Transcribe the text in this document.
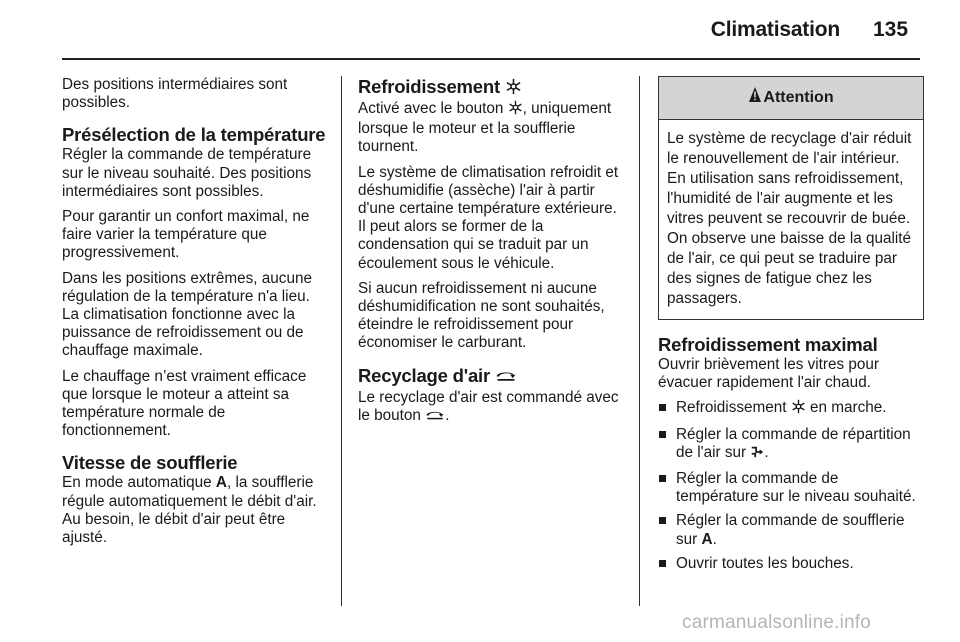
Climatisation 135

Des positions intermédiaires sont possibles.

Présélection de la température

Régler la commande de température sur le niveau souhaité. Des positions intermédiaires sont possibles.

Pour garantir un confort maximal, ne faire varier la température que progressivement.

Dans les positions extrêmes, aucune régulation de la température n'a lieu. La climatisation fonctionne avec la puissance de refroidissement ou de chauffage maximale.

Le chauffage n’est vraiment efficace que lorsque le moteur a atteint sa température normale de fonctionnement.

Vitesse de soufflerie

En mode automatique A, la soufflerie régule automatiquement le débit d'air. Au besoin, le débit d'air peut être ajusté.

Refroidissement

Activé avec le bouton , uniquement lorsque le moteur et la soufflerie tournent.

Le système de climatisation refroidit et déshumidifie (assèche) l'air à partir d'une certaine température extérieure. Il peut alors se former de la condensation qui se traduit par un écoulement sous le véhicule.

Si aucun refroidissement ni aucune déshumidification ne sont souhaités, éteindre le refroidissement pour économiser le carburant.

Recyclage d'air

Le recyclage d'air est commandé avec le bouton .

Attention
Le système de recyclage d'air réduit le renouvellement de l'air intérieur. En utilisation sans refroidissement, l'humidité de l'air augmente et les vitres peuvent se recouvrir de buée. On observe une baisse de la qualité de l'air, ce qui peut se traduire par des signes de fatigue chez les passagers.
Refroidissement maximal

Ouvrir brièvement les vitres pour évacuer rapidement l'air chaud.

Refroidissement  en marche.
Régler la commande de répartition de l'air sur .
Régler la commande de température sur le niveau souhaité.
Régler la commande de soufflerie sur A.
Ouvrir toutes les bouches.
carmanualsonline.info
